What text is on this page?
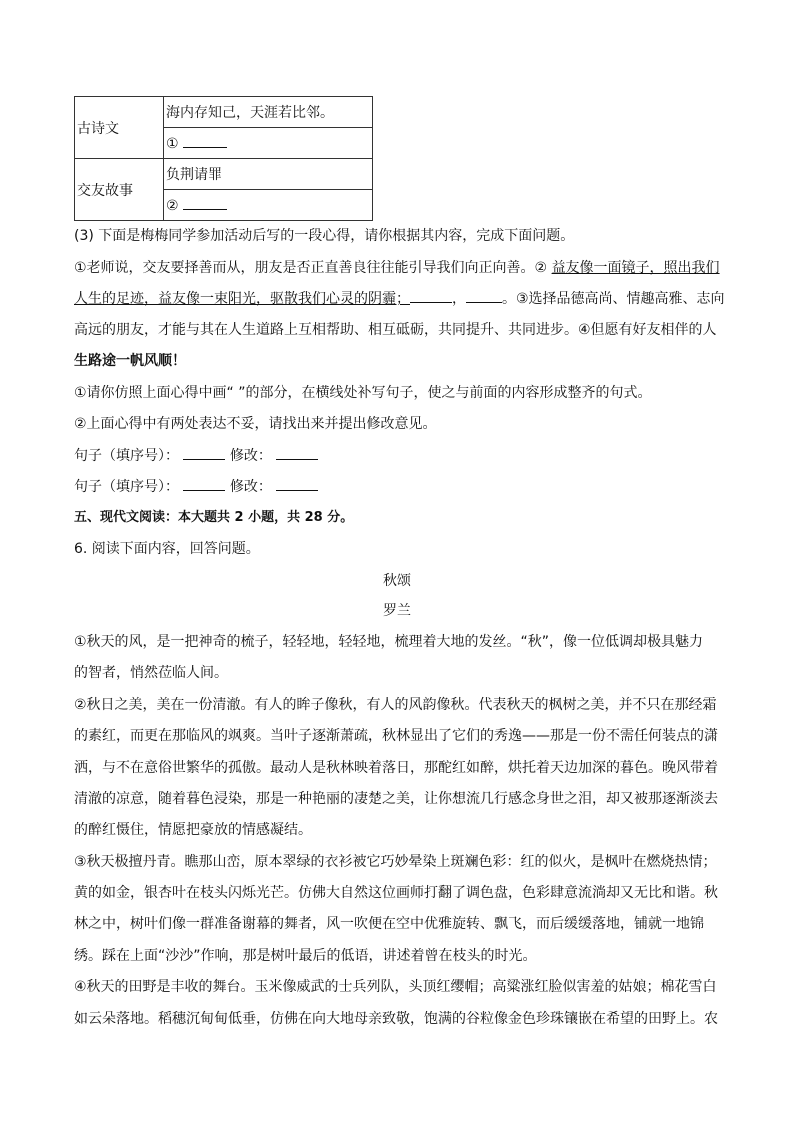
古诗文	海内存知己，天涯若比邻。
	①
交友故事	负荆请罪
	②
(3) 下面是梅梅同学参加活动后写的一段心得，请你根据其内容，完成下面问题。
①老师说，交友要择善而从，朋友是否正直善良往往能引导我们向正向善。② 益友像一面镜子，照出我们
人生的足迹，益友像一束阳光，驱散我们心灵的阴霾；	，	。③选择品德高尚、情趣高雅、志向
高远的朋友，才能与其在人生道路上互相帮助、相互砥砺，共同提升、共同进步。④但愿有好友相伴的人
生路途一帆风顺！
①请你仿照上面心得中画“ ”的部分，在横线处补写句子，使之与前面的内容形成整齐的句式。
②上面心得中有两处表达不妥，请找出来并提出修改意见。
句子（填序号）：	修改：
句子（填序号）：	修改：
五、现代文阅读：本大题共 2 小题，共 28 分。
6. 阅读下面内容，回答问题。
秋颂
罗兰
①秋天的风，是一把神奇的梳子，轻轻地，轻轻地，梳理着大地的发丝。“秋”，像一位低调却极具魅力
的智者，悄然莅临人间。
②秋日之美，美在一份清澈。有人的眸子像秋，有人的风韵像秋。代表秋天的枫树之美，并不只在那经霜
的素红，而更在那临风的飒爽。当叶子逐渐萧疏，秋林显出了它们的秀逸——那是一份不需任何装点的潇
洒，与不在意俗世繁华的孤傲。最动人是秋林映着落日，那酡红如醉，烘托着天边加深的暮色。晚风带着
清澈的凉意，随着暮色浸染，那是一种艳丽的凄楚之美，让你想流几行感念身世之泪，却又被那逐渐淡去
的醉红慑住，情愿把豪放的情感凝结。
③秋天极擅丹青。瞧那山峦，原本翠绿的衣衫被它巧妙晕染上斑斓色彩：红的似火，是枫叶在燃烧热情；
黄的如金，银杏叶在枝头闪烁光芒。仿佛大自然这位画师打翻了调色盘，色彩肆意流淌却又无比和谐。秋
林之中，树叶们像一群准备谢幕的舞者，风一吹便在空中优雅旋转、飘飞，而后缓缓落地，铺就一地锦
绣。踩在上面“沙沙”作响，那是树叶最后的低语，讲述着曾在枝头的时光。
④秋天的田野是丰收的舞台。玉米像威武的士兵列队，头顶红缨帽；高粱涨红脸似害羞的姑娘；棉花雪白
如云朵落地。稻穗沉甸甸低垂，仿佛在向大地母亲致敬，饱满的谷粒像金色珍珠镶嵌在希望的田野上。农
